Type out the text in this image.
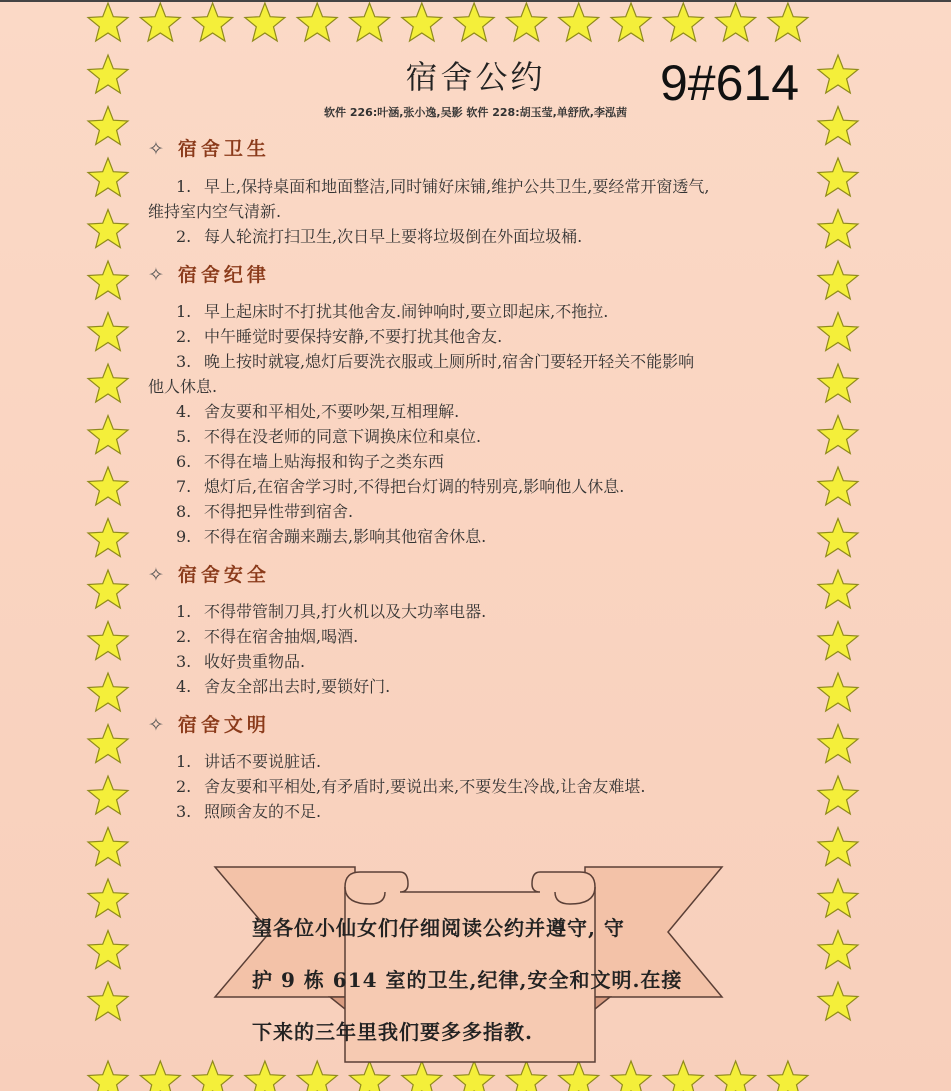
宿舍公约	9#614
软件 226:叶涵,张小逸,吴影 软件 228:胡玉莹,单舒欣,李泓茜
✧ 宿舍卫生
1. 早上,保持桌面和地面整洁,同时铺好床铺,维护公共卫生,要经常开窗透气,
维持室内空气清新.
2. 每人轮流打扫卫生,次日早上要将垃圾倒在外面垃圾桶.
✧ 宿舍纪律
1. 早上起床时不打扰其他舍友.闹钟响时,要立即起床,不拖拉.
2. 中午睡觉时要保持安静,不要打扰其他舍友.
3. 晚上按时就寝,熄灯后要洗衣服或上厕所时,宿舍门要轻开轻关不能影响
他人休息.
4. 舍友要和平相处,不要吵架,互相理解.
5. 不得在没老师的同意下调换床位和桌位.
6. 不得在墙上贴海报和钩子之类东西
7. 熄灯后,在宿舍学习时,不得把台灯调的特别亮,影响他人休息.
8. 不得把异性带到宿舍.
9. 不得在宿舍蹦来蹦去,影响其他宿舍休息.
✧ 宿舍安全
1. 不得带管制刀具,打火机以及大功率电器.
2. 不得在宿舍抽烟,喝酒.
3. 收好贵重物品.
4. 舍友全部出去时,要锁好门.
✧ 宿舍文明
1. 讲话不要说脏话.
2. 舍友要和平相处,有矛盾时,要说出来,不要发生冷战,让舍友难堪.
3. 照顾舍友的不足.
望各位小仙女们仔细阅读公约并遵守, 守
护 9 栋 614 室的卫生,纪律,安全和文明.在接
下来的三年里我们要多多指教.
